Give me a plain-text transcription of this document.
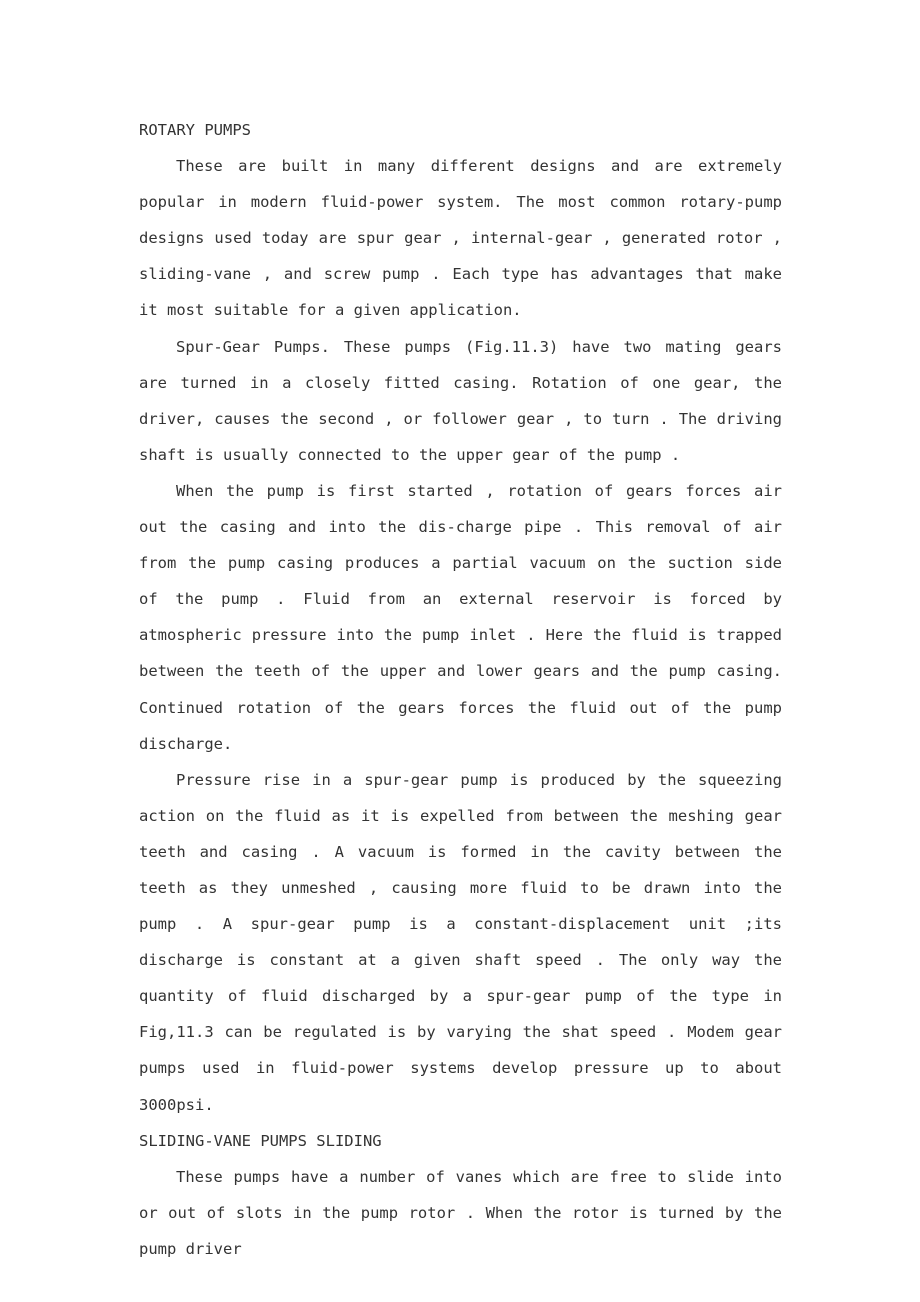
ROTARY PUMPS

These are built in many different designs and are extremely popular in modern fluid-power system. The most common rotary-pump designs used today are spur gear , internal-gear , generated rotor , sliding-vane , and screw pump . Each type has advantages that make it most suitable for a given application.

Spur-Gear Pumps. These pumps (Fig.11.3) have two mating gears are turned in a closely fitted casing. Rotation of one gear, the driver, causes the second , or follower gear , to turn . The driving shaft is usually connected to the upper gear of the pump .

When the pump is first started , rotation of gears forces air out the casing and into the dis-charge pipe . This removal of air from the pump casing produces a partial vacuum on the suction side of the pump . Fluid from an external reservoir is forced by atmospheric pressure into the pump inlet . Here the fluid is trapped between the teeth of the upper and lower gears and the pump casing. Continued rotation of the gears forces the fluid out of the pump discharge.

Pressure rise in a spur-gear pump is produced by the squeezing action on the fluid as it is expelled from between the meshing gear teeth and casing . A vacuum is formed in the cavity between the teeth as they unmeshed , causing more fluid to be drawn into the pump . A spur-gear pump is a constant-displacement unit ;its discharge is constant at a given shaft speed . The only way the quantity of fluid discharged by a spur-gear pump of the type in Fig,11.3 can be regulated is by varying the shat speed . Modem gear pumps used in fluid-power systems develop pressure up to about 3000psi.

SLIDING-VANE PUMPS SLIDING

These pumps have a number of vanes which are free to slide into or out of slots in the pump rotor . When the rotor is turned by the pump driver
